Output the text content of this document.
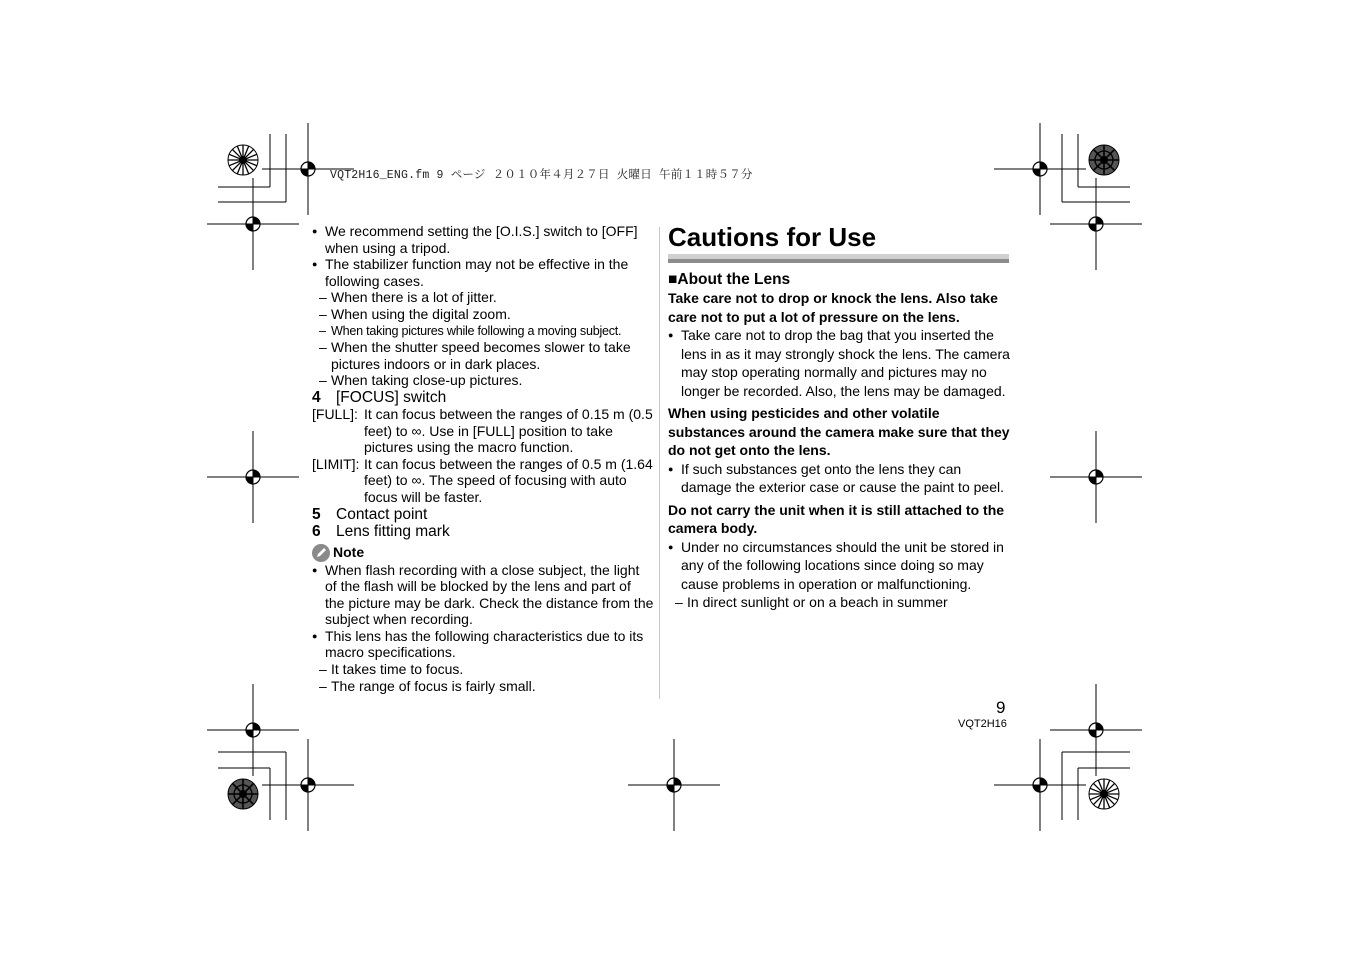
VQT2H16_ENG.fm 9 ページ ２０１０年４月２７日 火曜日 午前１１時５７分
● We recommend setting the [O.I.S.] switch to [OFF] when using a tripod.
● The stabilizer function may not be effective in the following cases.
– When there is a lot of jitter.
– When using the digital zoom.
– When taking pictures while following a moving subject.
– When the shutter speed becomes slower to take pictures indoors or in dark places.
– When taking close-up pictures.
4 [FOCUS] switch
[FULL]: It can focus between the ranges of 0.15 m (0.5 feet) to ∞. Use in [FULL] position to take pictures using the macro function.
[LIMIT]: It can focus between the ranges of 0.5 m (1.64 feet) to ∞. The speed of focusing with auto focus will be faster.
5 Contact point
6 Lens fitting mark
Note
● When flash recording with a close subject, the light of the flash will be blocked by the lens and part of the picture may be dark. Check the distance from the subject when recording.
● This lens has the following characteristics due to its macro specifications.
– It takes time to focus.
– The range of focus is fairly small.
Cautions for Use
■About the Lens
Take care not to drop or knock the lens. Also take care not to put a lot of pressure on the lens.
● Take care not to drop the bag that you inserted the lens in as it may strongly shock the lens. The camera may stop operating normally and pictures may no longer be recorded. Also, the lens may be damaged.
When using pesticides and other volatile substances around the camera make sure that they do not get onto the lens.
● If such substances get onto the lens they can damage the exterior case or cause the paint to peel.
Do not carry the unit when it is still attached to the camera body.
● Under no circumstances should the unit be stored in any of the following locations since doing so may cause problems in operation or malfunctioning.
– In direct sunlight or on a beach in summer
9
VQT2H16
